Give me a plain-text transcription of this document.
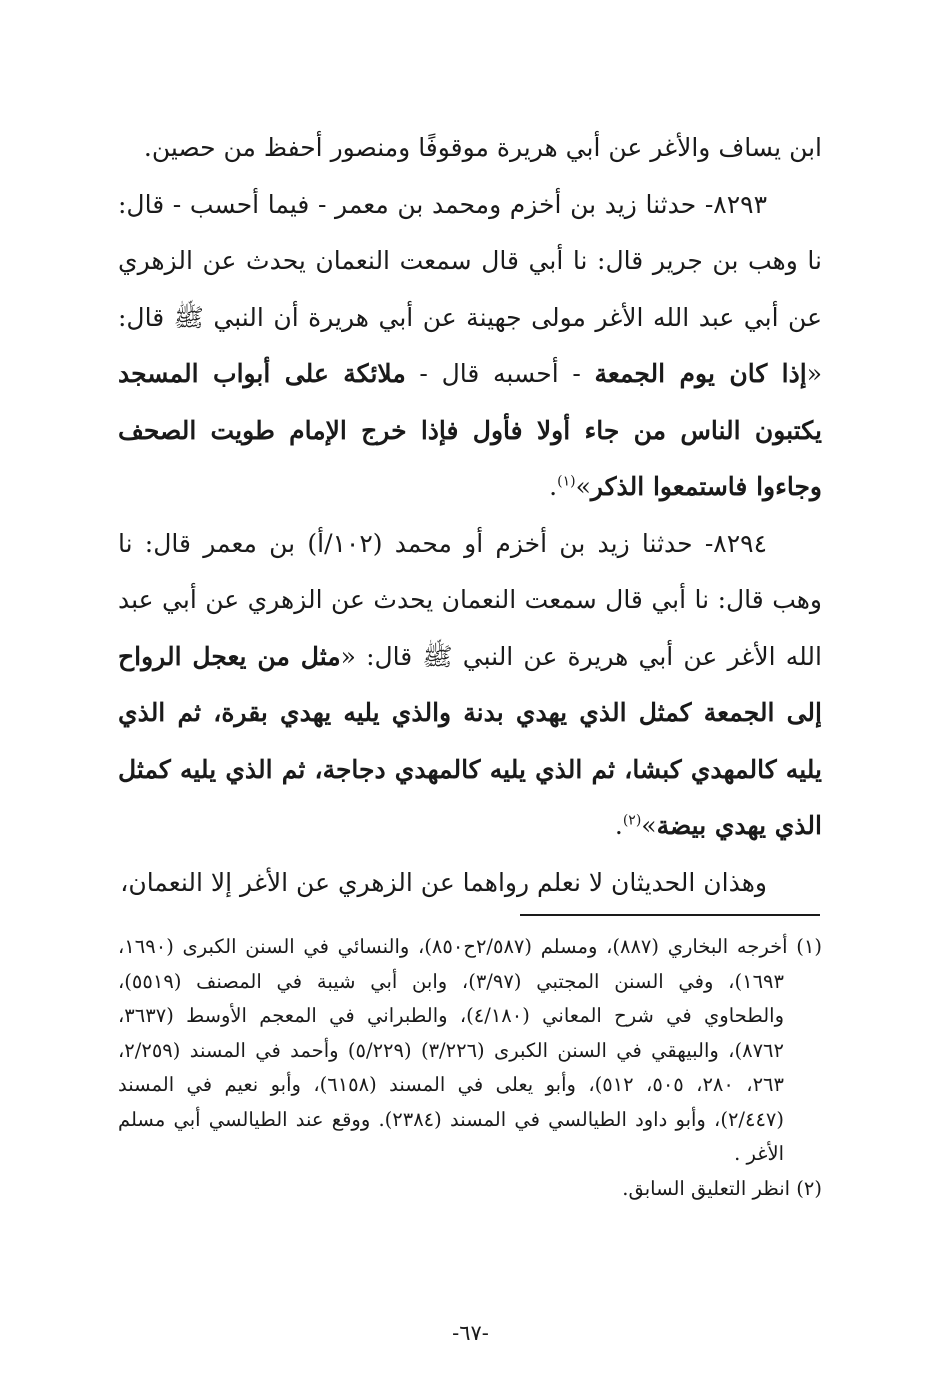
ابن يساف والأغر عن أبي هريرة موقوفًا ومنصور أحفظ من حصين.

٨٢٩٣- حدثنا زيد بن أخزم ومحمد بن معمر - فيما أحسب - قال: نا وهب بن جرير قال: نا أبي قال سمعت النعمان يحدث عن الزهري عن أبي عبد الله الأغر مولى جهينة عن أبي هريرة أن النبي ﷺ قال: «إذا كان يوم الجمعة - أحسبه قال - ملائكة على أبواب المسجد يكتبون الناس من جاء أولا فأول فإذا خرج الإمام طويت الصحف وجاءوا فاستمعوا الذكر»$^{(١)}$.

٨٢٩٤- حدثنا زيد بن أخزم أو محمد (١٠٢/أ) بن معمر قال: نا وهب قال: نا أبي قال سمعت النعمان يحدث عن الزهري عن أبي عبد الله الأغر عن أبي هريرة عن النبي ﷺ قال: «مثل من يعجل الرواح إلى الجمعة كمثل الذي يهدي بدنة والذي يليه يهدي بقرة، ثم الذي يليه كالمهدي كبشا، ثم الذي يليه كالمهدي دجاجة، ثم الذي يليه كمثل الذي يهدي بيضة»$^{(٢)}$.

وهذان الحديثان لا نعلم رواهما عن الزهري عن الأغر إلا النعمان،

(١) أخرجه البخاري (٨٨٧)، ومسلم (٢/٥٨٧ح٨٥٠)، والنسائي في السنن الكبرى (١٦٩٠، ١٦٩٣)، وفي السنن المجتبي (٣/٩٧)، وابن أبي شيبة في المصنف (٥٥١٩)، والطحاوي في شرح المعاني (٤/١٨٠)، والطبراني في المعجم الأوسط (٣٦٣٧، ٨٧٦٢)، والبيهقي في السنن الكبرى (٣/٢٢٦) (٥/٢٢٩) وأحمد في المسند (٢/٢٥٩، ٢٦٣، ٢٨٠، ٥٠٥، ٥١٢)، وأبو يعلى في المسند (٦١٥٨)، وأبو نعيم في المسند (٢/٤٤٧)، وأبو داود الطيالسي في المسند (٢٣٨٤). ووقع عند الطيالسي أبي مسلم الأغر .

(٢) انظر التعليق السابق.

-٦٧-
